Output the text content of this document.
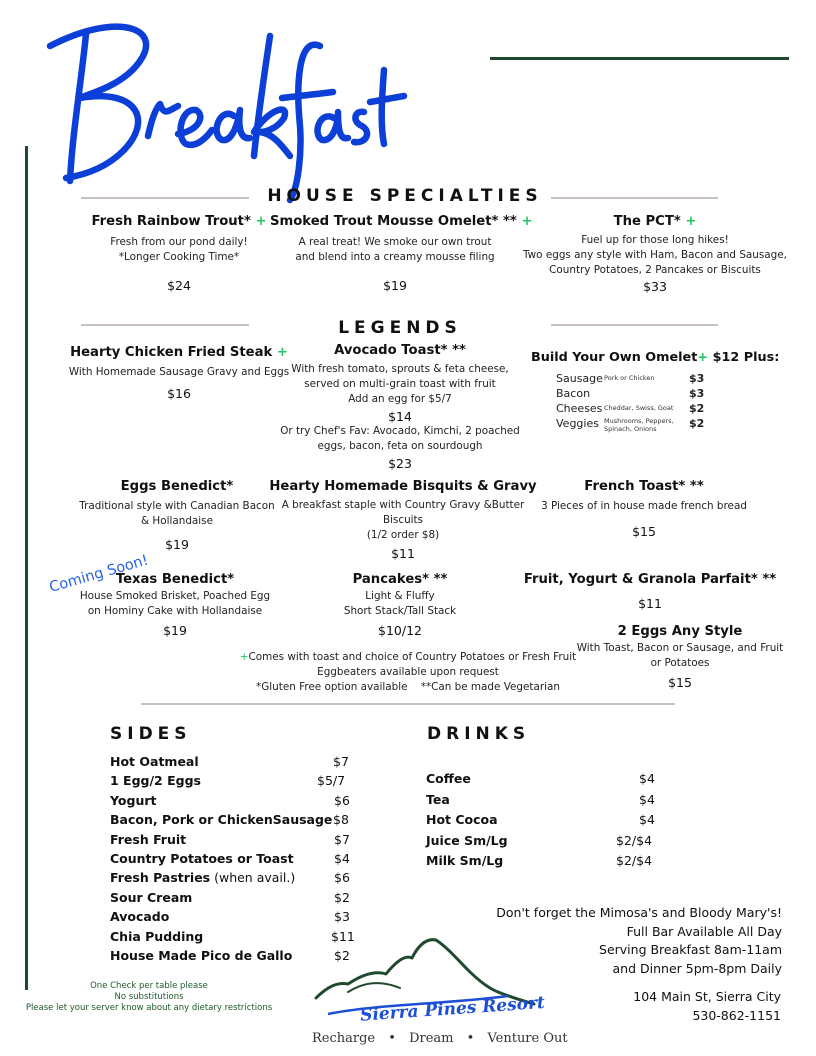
HOUSE SPECIALTIES
Fresh Rainbow Trout* +
Fresh from our pond daily!
*Longer Cooking Time*
$24
Smoked Trout Mousse Omelet* ** +
A real treat! We smoke our own trout
and blend into a creamy mousse filing
$19
The PCT* +
Fuel up for those long hikes!
Two eggs any style with Ham, Bacon and Sausage,
Country Potatoes, 2 Pancakes or Biscuits
$33
LEGENDS
Hearty Chicken Fried Steak +
With Homemade Sausage Gravy and Eggs
$16
Avocado Toast* **
With fresh tomato, sprouts & feta cheese,
served on multi-grain toast with fruit
Add an egg for $5/7
$14
Or try Chef's Fav: Avocado, Kimchi, 2 poached
eggs, bacon, feta on sourdough
$23
Build Your Own Omelet+ $12 Plus:
Sausage Pork or Chicken	$3
Bacon	$3
Cheeses Cheddar, Swiss, Goat $2
Veggies Mushrooms, Peppers,
Spinach, Onions	$2
Eggs Benedict*
Traditional style with Canadian Bacon
& Hollandaise
$19
Hearty Homemade Bisquits & Gravy
A breakfast staple with Country Gravy &Butter
Biscuits
(1/2 order $8)
$11
French Toast* **
3 Pieces of in house made french bread
$15
Coming Soon!
Texas Benedict*
House Smoked Brisket, Poached Egg
on Hominy Cake with Hollandaise
$19
Pancakes* **
Light & Fluffy
Short Stack/Tall Stack
$10/12
Fruit, Yogurt & Granola Parfait* **
$11
2 Eggs Any Style
With Toast, Bacon or Sausage, and Fruit
or Potatoes
$15
+Comes with toast and choice of Country Potatoes or Fresh Fruit
Eggbeaters available upon request
*Gluten Free option available    **Can be made Vegetarian
SIDES
Hot Oatmeal	$7
1 Egg/2 Eggs	$5/7
Yogurt	$6
Bacon, Pork or ChickenSausage $8
Fresh Fruit	$7
Country Potatoes or Toast	$4
Fresh Pastries (when avail.)	$6
Sour Cream	$2
Avocado	$3
Chia Pudding	$11
House Made Pico de Gallo	$2
DRINKS
Coffee	$4
Tea	$4
Hot Cocoa	$4
Juice Sm/Lg	$2/$4
Milk Sm/Lg	$2/$4
Don't forget the Mimosa's and Bloody Mary's!
Full Bar Available All Day
Serving Breakfast 8am-11am
and Dinner 5pm-8pm Daily
104 Main St, Sierra City
530-862-1151
One Check per table please
No substitutions
Please let your server know about any dietary restrictions	Sierra Pines Resort
Recharge • Dream • Venture Out
